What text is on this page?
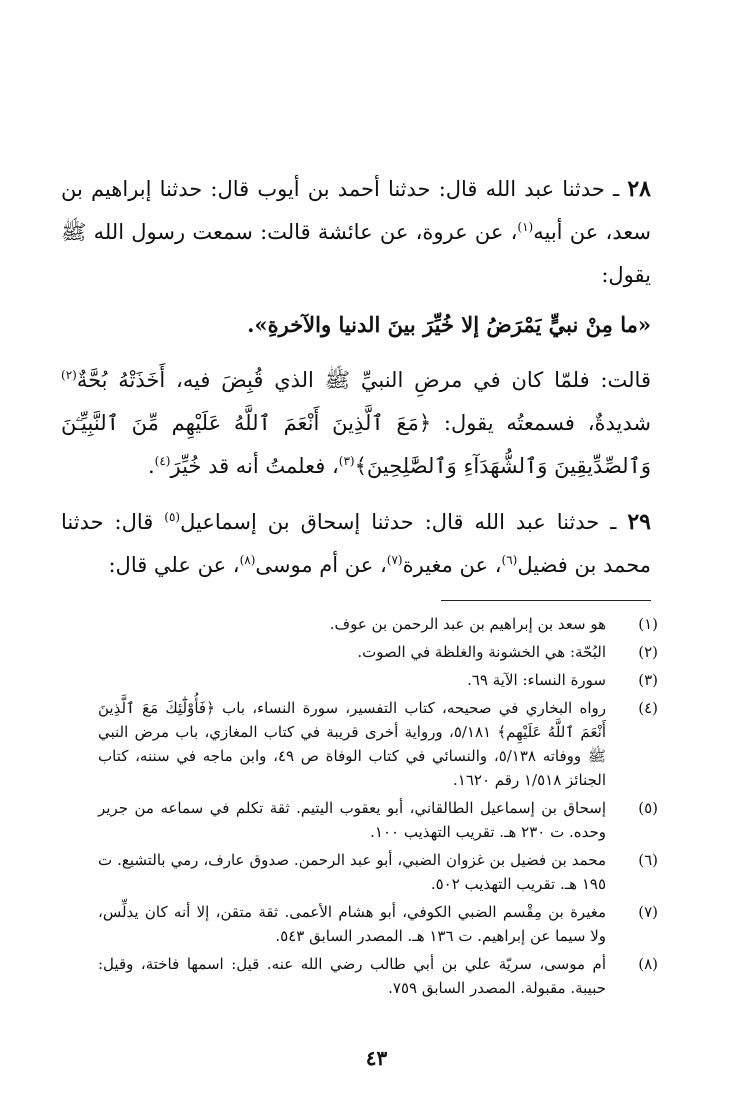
٢٨ ـ حدثنا عبد الله قال: حدثنا أحمد بن أيوب قال: حدثنا إبراهيم بن سعد، عن أبيه$^{(١)}$، عن عروة، عن عائشة قالت: سمعت رسول الله ﷺ يقول:

«ما مِنْ نبيٍّ يَمْرَضُ إلا خُيِّرَ بينَ الدنيا والآخرةِ».

قالت: فلمّا كان في مرضِ النبيِّ ﷺ الذي قُبِضَ فيه، أَخَذَتْهُ بُحَّةٌ$^{(٢)}$ شديدةٌ، فسمعتُه يقول: ﴿مَعَ ٱلَّذِينَ أَنْعَمَ ٱللَّهُ عَلَيْهِم مِّنَ ٱلنَّبِيِّـۧنَ وَٱلصِّدِّيقِينَ وَٱلشُّهَدَآءِ وَٱلصَّٰلِحِينَ﴾$^{(٣)}$، فعلمتُ أنه قد خُيِّرَ$^{(٤)}$.

٢٩ ـ حدثنا عبد الله قال: حدثنا إسحاق بن إسماعيل$^{(٥)}$ قال: حدثنا محمد بن فضيل$^{(٦)}$، عن مغيرة$^{(٧)}$، عن أم موسى$^{(٨)}$، عن علي قال:

(١)
هو سعد بن إبراهيم بن عبد الرحمن بن عوف.
(٢)
البُحّة: هي الخشونة والغلظة في الصوت.
(٣)
سورة النساء: الآية ٦٩.
(٤)
رواه البخاري في صحيحه، كتاب التفسير، سورة النساء، باب ﴿فَأُوْلَٰٓئِكَ مَعَ ٱلَّذِينَ أَنْعَمَ ٱللَّهُ عَلَيْهِم﴾ ٥/١٨١، ورواية أخرى قريبة في كتاب المغازي، باب مرض النبي ﷺ ووفاته ٥/١٣٨، والنسائي في كتاب الوفاة ص ٤٩، وابن ماجه في سننه، كتاب الجنائز ١/٥١٨ رقم ١٦٢٠.
(٥)
إسحاق بن إسماعيل الطالقاني، أبو يعقوب اليتيم. ثقة تكلم في سماعه من جرير وحده. ت ٢٣٠ هـ. تقريب التهذيب ١٠٠.
(٦)
محمد بن فضيل بن غزوان الضبي، أبو عبد الرحمن. صدوق عارف، رمي بالتشيع. ت ١٩٥ هـ. تقريب التهذيب ٥٠٢.
(٧)
مغيرة بن مِقْسم الضبي الكوفي، أبو هشام الأعمى. ثقة متقن، إلا أنه كان يدلِّس، ولا سيما عن إبراهيم. ت ١٣٦ هـ. المصدر السابق ٥٤٣.
(٨)
أم موسى، سريّة علي بن أبي طالب رضي الله عنه. قيل: اسمها فاختة، وقيل: حبيبة. مقبولة. المصدر السابق ٧٥٩.
٤٣
